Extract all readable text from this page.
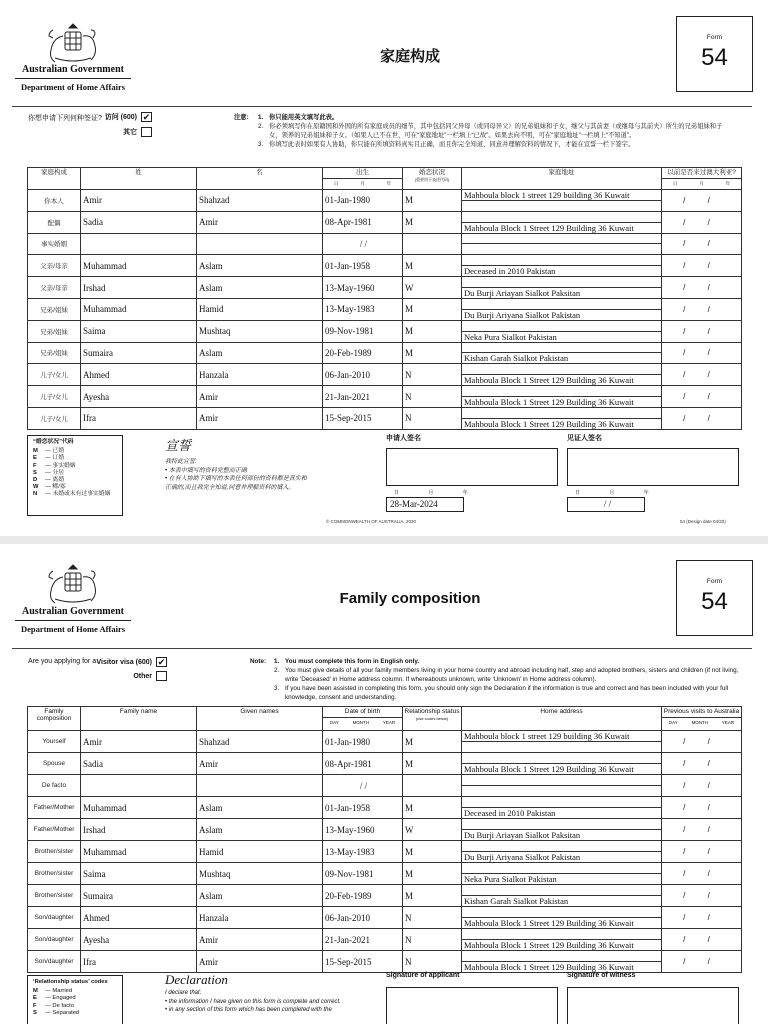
Australian Government
Department of Home Affairs
家庭构成
Form
54
你想申请下列何种签证? 访问 (600) ✔
其它
注意: 1. 你只能用英文填写此表。
2. 你必须填写你在原籍国和外国的所有家庭成员的细节，其中包括同父异母（或同母异父）的兄弟姐妹和子女，继父与其前妻（或继母与其前夫）所生的兄弟姐妹和子女，领养的兄弟姐妹和子女。（如果人已不在世，可在“家庭地址”一栏填上“已故”。如果去向不明，可在“家庭地址”一栏填上“不知道”。
3. 你填写此表时如果有人协助，你只能在所填资料真实且正确，而且你完全知道、同意并理解资料的情况下，才能在宣誓一栏下签字。
家庭构成	姓	名	出生
日 月 年	婚恋状况
(重要用于表述代码)	家庭地址	以前是否来过澳大利亚?
日 月 年

你本人	Amir	Shahzad	01-Jan-1980	M	Mahboula block 1 street 129 building 36 Kuwait	/ /
配偶	Sadia	Amir	08-Apr-1981	M	Mahboula Block 1 Street 129 Building 36 Kuwait	/ /
事实婚姻			/ /			/ /
父亲/母亲	Muhammad	Aslam	01-Jan-1958	M	Deceased in 2010 Pakistan	/ /
父亲/母亲	Irshad	Aslam	13-May-1960	W	Du Burji Ariayan Sialkot Paksitan	/ /
兄弟/姐妹	Muhammad	Hamid	13-May-1983	M	Du Burji Ariyana Sialkot Pakistan	/ /
兄弟/姐妹	Saima	Mushtaq	09-Nov-1981	M	Neka Pura Sialkot Pakistan	/ /
兄弟/姐妹	Sumaira	Aslam	20-Feb-1989	M	Kishan Garah Sialkot Pakistan	/ /
儿子/女儿	Ahmed	Hanzala	06-Jan-2010	N	Mahboula Block 1 Street 129 Building 36 Kuwait	/ /
儿子/女儿	Ayesha	Amir	21-Jan-2021	N	Mahboula Block 1 Street 129 Building 36 Kuwait	/ /
儿子/女儿	Ifra	Amir	15-Sep-2015	N	Mahboula Block 1 Street 129 Building 36 Kuwait	/ /
“婚恋状况”代码
M — 已婚
E — 订婚
F — 事实婚姻
S — 分居
D — 离婚
W — 鳏/寡
N — 未婚或未有过事实婚姻
宣誓
我特此宣誓:
• 本表中填写的资料完整而正确
• 在有人协助下填写的本表任何部份的资料都是真实和
正确的,而且我完全知道,同意并理解资料的填入。
申请人签名	见证人签名
日 月 年	日 月 年
28-Mar-2024	/ /
© COMMONWEALTH OF AUSTRALIA, 2020	54 (Design date 04/20)
Australian Government
Department of Home Affairs
Family composition
Form
54
Are you applying for a:
Visitor visa (600) ✔
Other
Note: 1. You must complete this form in English only.
2. You must give details of all your family members living in your home country and abroad including half, step and adopted brothers, sisters and children (if not living, write 'Deceased' in Home address column. If whereabouts unknown, write 'Unknown' in Home address column).
3. If you have been assisted in completing this form, you should only sign the Declaration if the information is true and correct and has been included with your full knowledge, consent and understanding.
Family composition	Family name	Given names	Date of birth
DAY MONTH YEAR	Relationship status
(use codes below)	Home address	Previous visits to Australia
DAY MONTH YEAR

Yourself	Amir	Shahzad	01-Jan-1980	M	Mahboula block 1 street 129 building 36 Kuwait	/ /
Spouse	Sadia	Amir	08-Apr-1981	M	Mahboula Block 1 Street 129 Building 36 Kuwait	/ /
De facto			/ /			/ /
Father/Mother	Muhammad	Aslam	01-Jan-1958	M	Deceased in 2010 Pakistan	/ /
Father/Mother	Irshad	Aslam	13-May-1960	W	Du Burji Ariayan Sialkot Paksitan	/ /
Brother/sister	Muhammad	Hamid	13-May-1983	M	Du Burji Ariyana Sialkot Pakistan	/ /
Brother/sister	Saima	Mushtaq	09-Nov-1981	M	Neka Pura Sialkot Pakistan	/ /
Brother/sister	Sumaira	Aslam	20-Feb-1989	M	Kishan Garah Sialkot Pakistan	/ /
Son/daughter	Ahmed	Hanzala	06-Jan-2010	N	Mahboula Block 1 Street 129 Building 36 Kuwait	/ /
Son/daughter	Ayesha	Amir	21-Jan-2021	N	Mahboula Block 1 Street 129 Building 36 Kuwait	/ /
Son/daughter	Ifra	Amir	15-Sep-2015	N	Mahboula Block 1 Street 129 Building 36 Kuwait	/ /
‘Relationship status’ codes
M — Married
E — Engaged
F — De facto
S — Separated
Declaration
I declare that:
• the information I have given on this form is complete and correct.
• in any section of this form which has been completed with the
Signature of applicant	Signature of witness
